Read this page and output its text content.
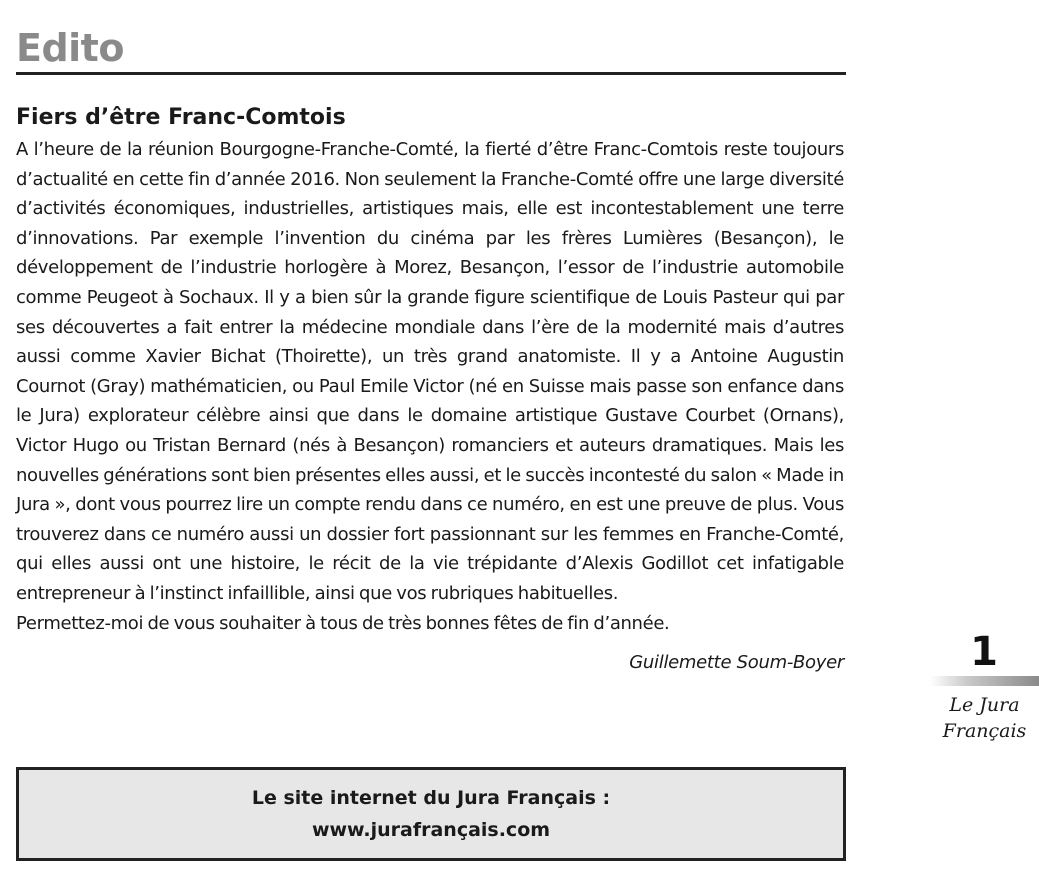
Edito
Fiers d’être Franc-Comtois

A l’heure de la réunion Bourgogne-Franche-Comté, la fierté d’être Franc-Comtois reste toujours d’actualité en cette fin d’année 2016. Non seulement la Franche-Comté offre une large diversité d’activités économiques, industrielles, artistiques mais, elle est incontestablement une terre d’innovations. Par exemple l’invention du cinéma par les frères Lumières (Besançon), le développement de l’industrie horlogère à Morez, Besançon, l’essor de l’industrie automobile comme Peugeot à Sochaux. Il y a bien sûr la grande figure scientifique de Louis Pasteur qui par ses découvertes a fait entrer la médecine mondiale dans l’ère de la modernité mais d’autres aussi comme Xavier Bichat (Thoirette), un très grand anatomiste. Il y a Antoine Augustin Cournot (Gray) mathématicien, ou Paul Emile Victor (né en Suisse mais passe son enfance dans le Jura) explorateur célèbre ainsi que dans le domaine artistique Gustave Courbet (Ornans), Victor Hugo ou Tristan Bernard (nés à Besançon) romanciers et auteurs dramatiques. Mais les nouvelles générations sont bien présentes elles aussi, et le succès incontesté du salon « Made in Jura », dont vous pourrez lire un compte rendu dans ce numéro, en est une preuve de plus. Vous trouverez dans ce numéro aussi un dossier fort passionnant sur les femmes en Franche-Comté, qui elles aussi ont une histoire, le récit de la vie trépidante d’Alexis Godillot cet infatigable entrepreneur à l’instinct infaillible, ainsi que vos rubriques habituelles.

Permettez-moi de vous souhaiter à tous de très bonnes fêtes de fin d’année.

Guillemette Soum-Boyer

Le site internet du Jura Français :
www.jurafrançais.com
1
Le Jura
Français
